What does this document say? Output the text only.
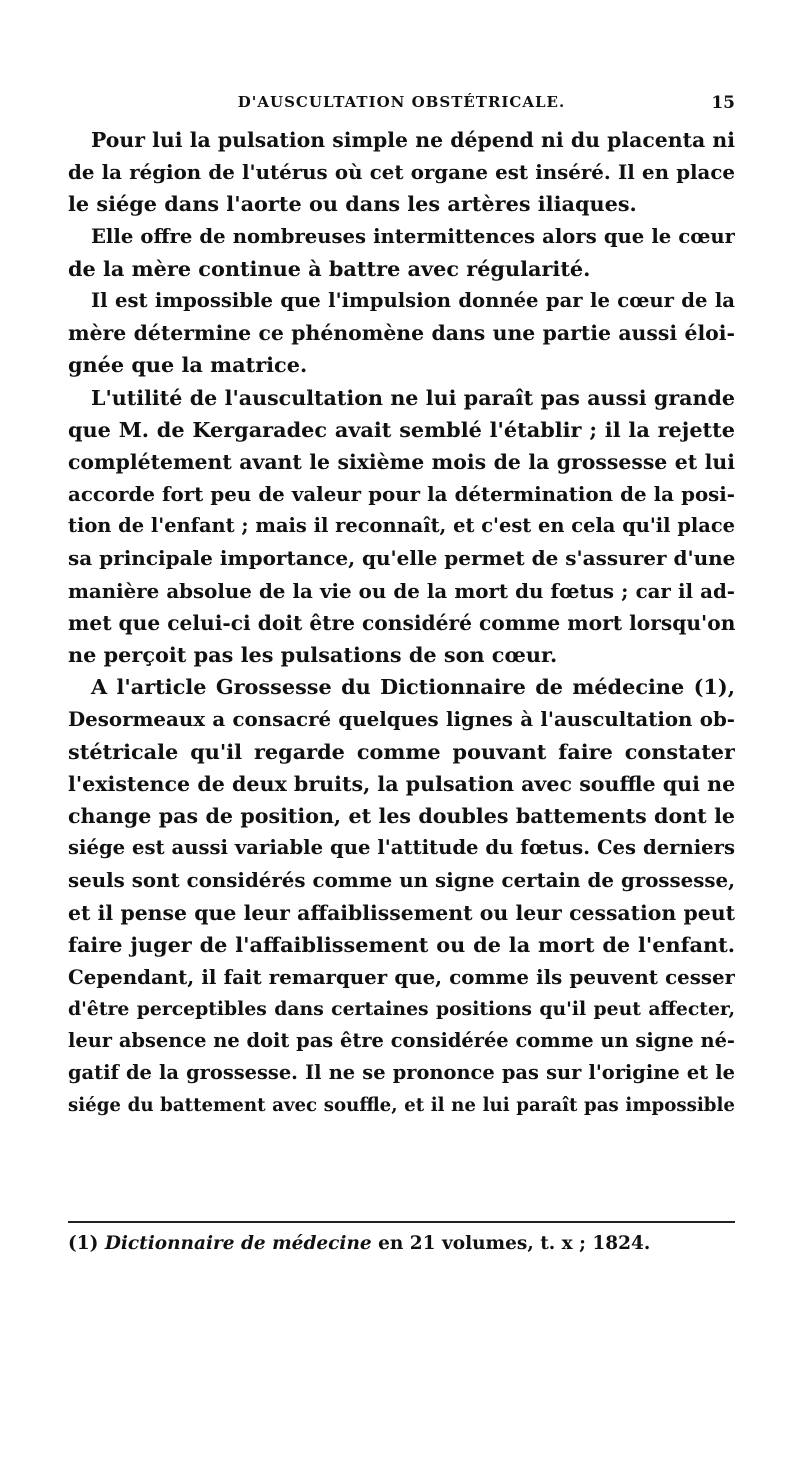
D'AUSCULTATION OBSTÉTRICALE.	15
Pour lui la pulsation simple ne dépend ni du placenta ni
de la région de l'utérus où cet organe est inséré. Il en place
le siége dans l'aorte ou dans les artères iliaques.
Elle offre de nombreuses intermittences alors que le cœur
de la mère continue à battre avec régularité.
Il est impossible que l'impulsion donnée par le cœur de la
mère détermine ce phénomène dans une partie aussi éloi-
gnée que la matrice.
L'utilité de l'auscultation ne lui paraît pas aussi grande
que M. de Kergaradec avait semblé l'établir ; il la rejette
complétement avant le sixième mois de la grossesse et lui
accorde fort peu de valeur pour la détermination de la posi-
tion de l'enfant ; mais il reconnaît, et c'est en cela qu'il place
sa principale importance, qu'elle permet de s'assurer d'une
manière absolue de la vie ou de la mort du fœtus ; car il ad-
met que celui-ci doit être considéré comme mort lorsqu'on
ne perçoit pas les pulsations de son cœur.
A l'article Grossesse du Dictionnaire de médecine (1),
Desormeaux a consacré quelques lignes à l'auscultation ob-
stétricale qu'il regarde comme pouvant faire constater
l'existence de deux bruits, la pulsation avec souffle qui ne
change pas de position, et les doubles battements dont le
siége est aussi variable que l'attitude du fœtus. Ces derniers
seuls sont considérés comme un signe certain de grossesse,
et il pense que leur affaiblissement ou leur cessation peut
faire juger de l'affaiblissement ou de la mort de l'enfant.
Cependant, il fait remarquer que, comme ils peuvent cesser
d'être perceptibles dans certaines positions qu'il peut affecter,
leur absence ne doit pas être considérée comme un signe né-
gatif de la grossesse. Il ne se prononce pas sur l'origine et le
siége du battement avec souffle, et il ne lui paraît pas impossible
(1) Dictionnaire de médecine en 21 volumes, t. x ; 1824.
